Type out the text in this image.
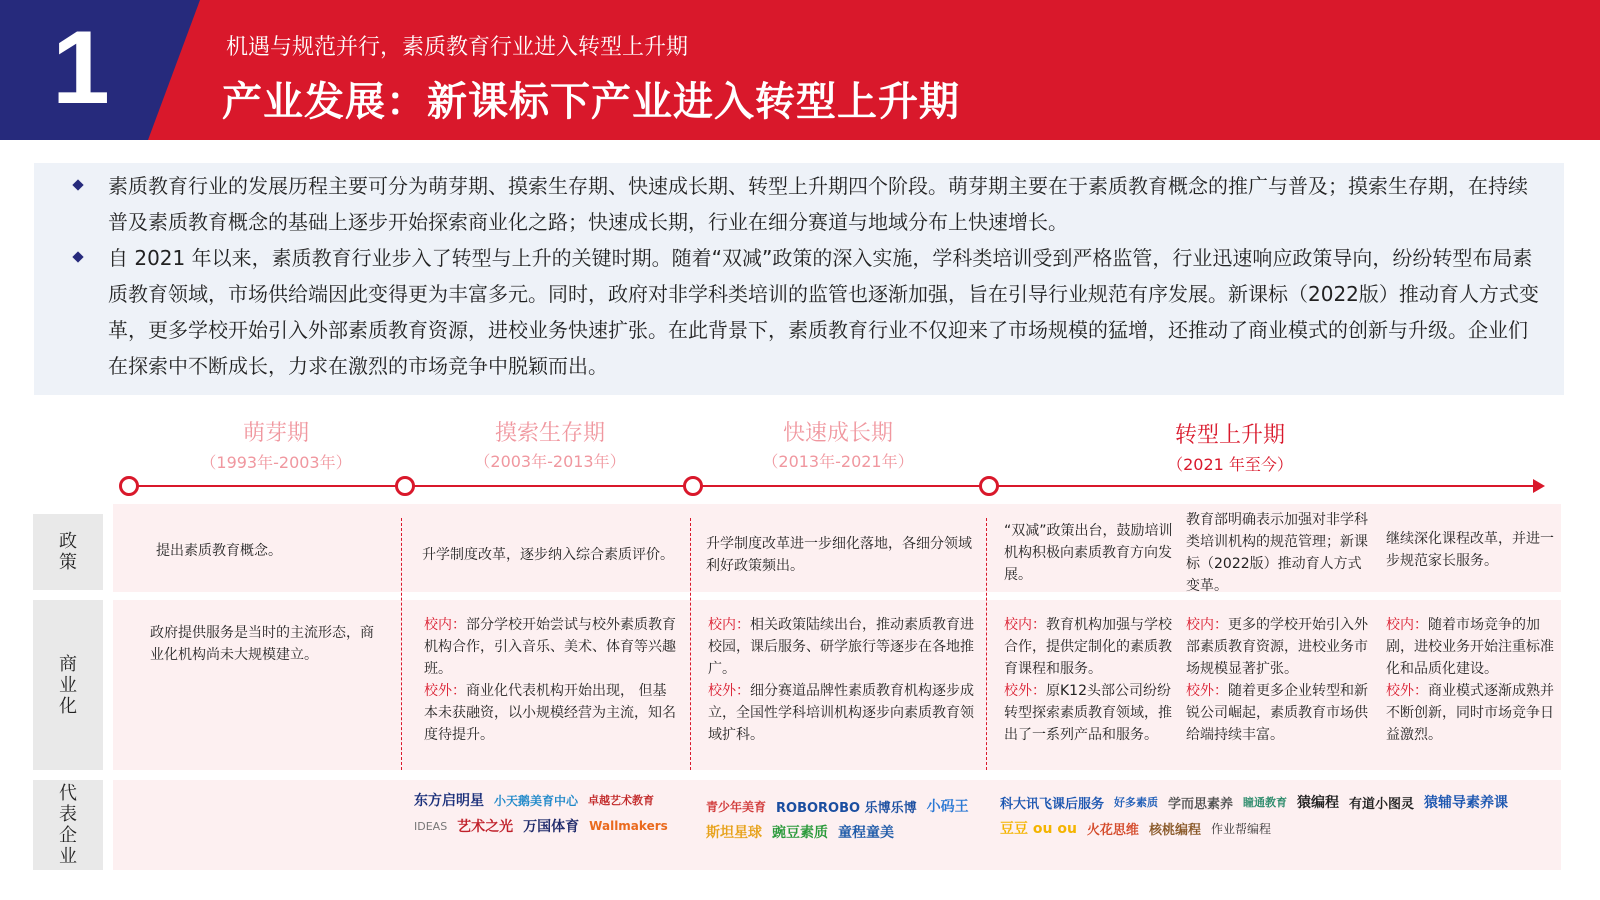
1	机遇与规范并行，素质教育行业进入转型上升期
产业发展：新课标下产业进入转型上升期
素质教育行业的发展历程主要可分为萌芽期、摸索生存期、快速成长期、转型上升期四个阶段。萌芽期主要在于素质教育概念的推广与普及；摸索生存期，在持续普及素质教育概念的基础上逐步开始探索商业化之路；快速成长期，行业在细分赛道与地域分布上快速增长。
自 2021 年以来，素质教育行业步入了转型与上升的关键时期。随着“双减”政策的深入实施，学科类培训受到严格监管，行业迅速响应政策导向，纷纷转型布局素质教育领域，市场供给端因此变得更为丰富多元。同时，政府对非学科类培训的监管也逐渐加强，旨在引导行业规范有序发展。新课标（2022版）推动育人方式变革，更多学校开始引入外部素质教育资源，进校业务快速扩张。在此背景下，素质教育行业不仅迎来了市场规模的猛增，还推动了商业模式的创新与升级。企业们在探索中不断成长，力求在激烈的市场竞争中脱颖而出。
萌芽期
（1993年-2003年）
摸索生存期
（2003年-2013年）
快速成长期
（2013年-2021年）
转型上升期
（2021 年至今）
政策
商业化
代表企业
提出素质教育概念。	升学制度改革，逐步纳入综合素质评价。
升学制度改革进一步细化落地，各细分领域利好政策频出。
“双减”政策出台，鼓励培训机构积极向素质教育方向发展。
教育部明确表示加强对非学科类培训机构的规范管理；新课标（2022版）推动育人方式变革。
继续深化课程改革，并进一步规范家长服务。
政府提供服务是当时的主流形态，商业化机构尚未大规模建立。
校内：部分学校开始尝试与校外素质教育机构合作，引入音乐、美术、体育等兴趣班。
校外：商业化代表机构开始出现， 但基本未获融资，以小规模经营为主流，知名度待提升。
校内：相关政策陆续出台，推动素质教育进校园，课后服务、研学旅行等逐步在各地推广。
校外：细分赛道品牌性素质教育机构逐步成立，全国性学科培训机构逐步向素质教育领域扩科。
校内：教育机构加强与学校合作，提供定制化的素质教育课程和服务。
校外：原K12头部公司纷纷转型探索素质教育领域，推出了一系列产品和服务。
校内：更多的学校开始引入外部素质教育资源，进校业务市场规模显著扩张。
校外：随着更多企业转型和新锐公司崛起，素质教育市场供给端持续丰富。
校内：随着市场竞争的加剧，进校业务开始注重标准化和品质化建设。
校外：商业模式逐渐成熟并不断创新，同时市场竞争日益激烈。
东方启明星 小天鹅美育中心 卓越艺术教育
IDEAS 艺术之光 万国体育 Wallmakers
青少年美育 ROBOROBO 乐博乐博 小码王
斯坦星球 豌豆素质 童程童美
科大讯飞课后服务 好多素质 学而思素养 瞳通教育 猿编程 有道小图灵 猿辅导素养课
豆豆 ou ou 火花思维 核桃编程 作业帮编程
